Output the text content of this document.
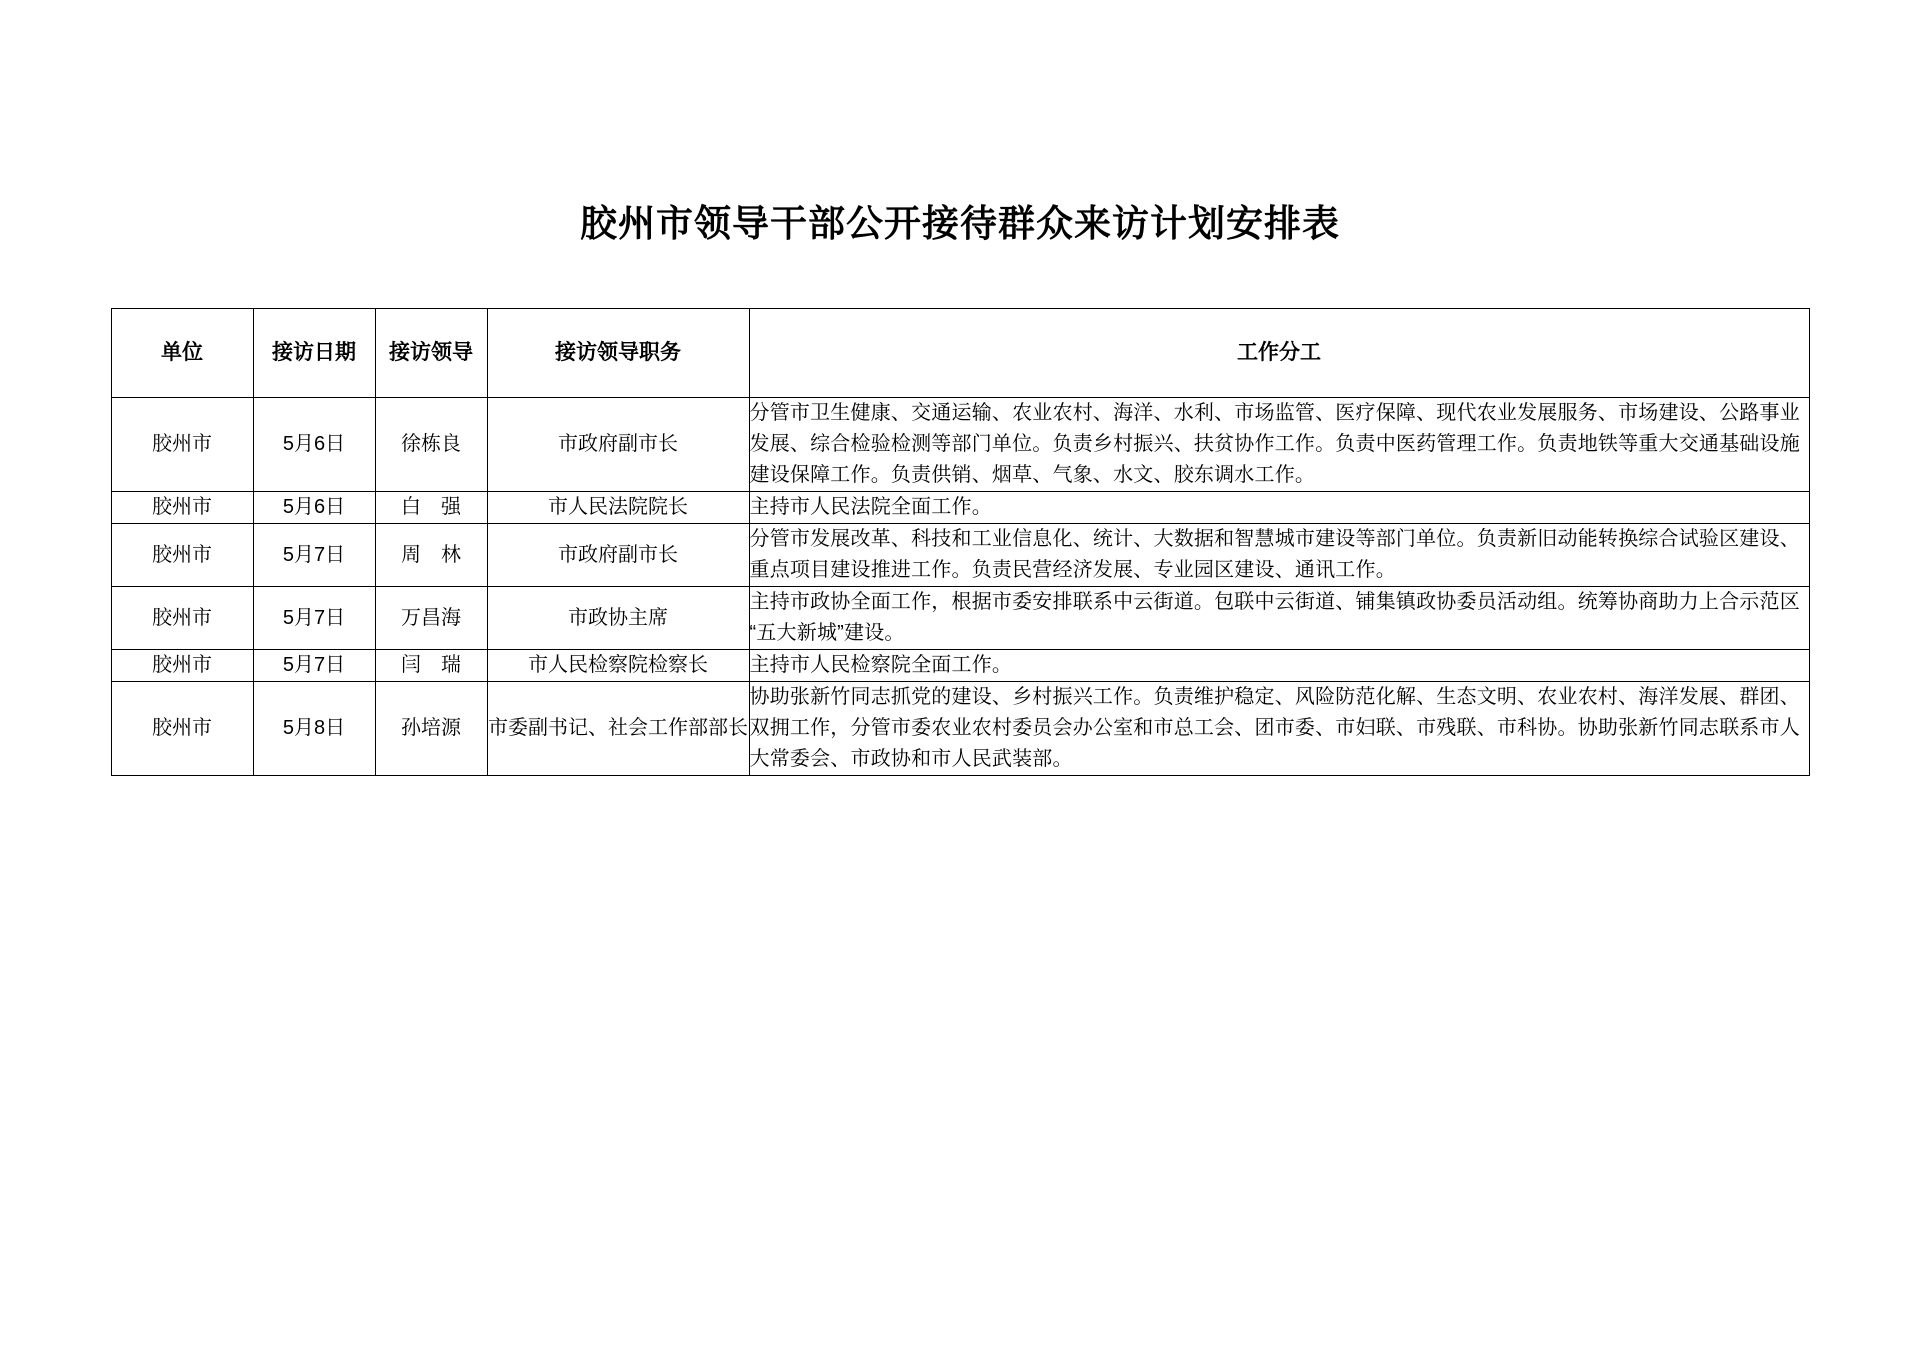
胶州市领导干部公开接待群众来访计划安排表
单位	接访日期	接访领导	接访领导职务	工作分工
胶州市	5月6日	徐栋良	市政府副市长	分管市卫生健康、交通运输、农业农村、海洋、水利、市场监管、医疗保障、现代农业发展服务、市场建设、公路事业发展、综合检验检测等部门单位。负责乡村振兴、扶贫协作工作。负责中医药管理工作。负责地铁等重大交通基础设施建设保障工作。负责供销、烟草、气象、水文、胶东调水工作。
胶州市	5月6日	白　强	市人民法院院长	主持市人民法院全面工作。
胶州市	5月7日	周　林	市政府副市长	分管市发展改革、科技和工业信息化、统计、大数据和智慧城市建设等部门单位。负责新旧动能转换综合试验区建设、重点项目建设推进工作。负责民营经济发展、专业园区建设、通讯工作。
胶州市	5月7日	万昌海	市政协主席	主持市政协全面工作，根据市委安排联系中云街道。包联中云街道、铺集镇政协委员活动组。统筹协商助力上合示范区“五大新城”建设。
胶州市	5月7日	闫　瑞	市人民检察院检察长	主持市人民检察院全面工作。
胶州市	5月8日	孙培源	市委副书记、社会工作部部长	协助张新竹同志抓党的建设、乡村振兴工作。负责维护稳定、风险防范化解、生态文明、农业农村、海洋发展、群团、双拥工作，分管市委农业农村委员会办公室和市总工会、团市委、市妇联、市残联、市科协。协助张新竹同志联系市人大常委会、市政协和市人民武装部。
